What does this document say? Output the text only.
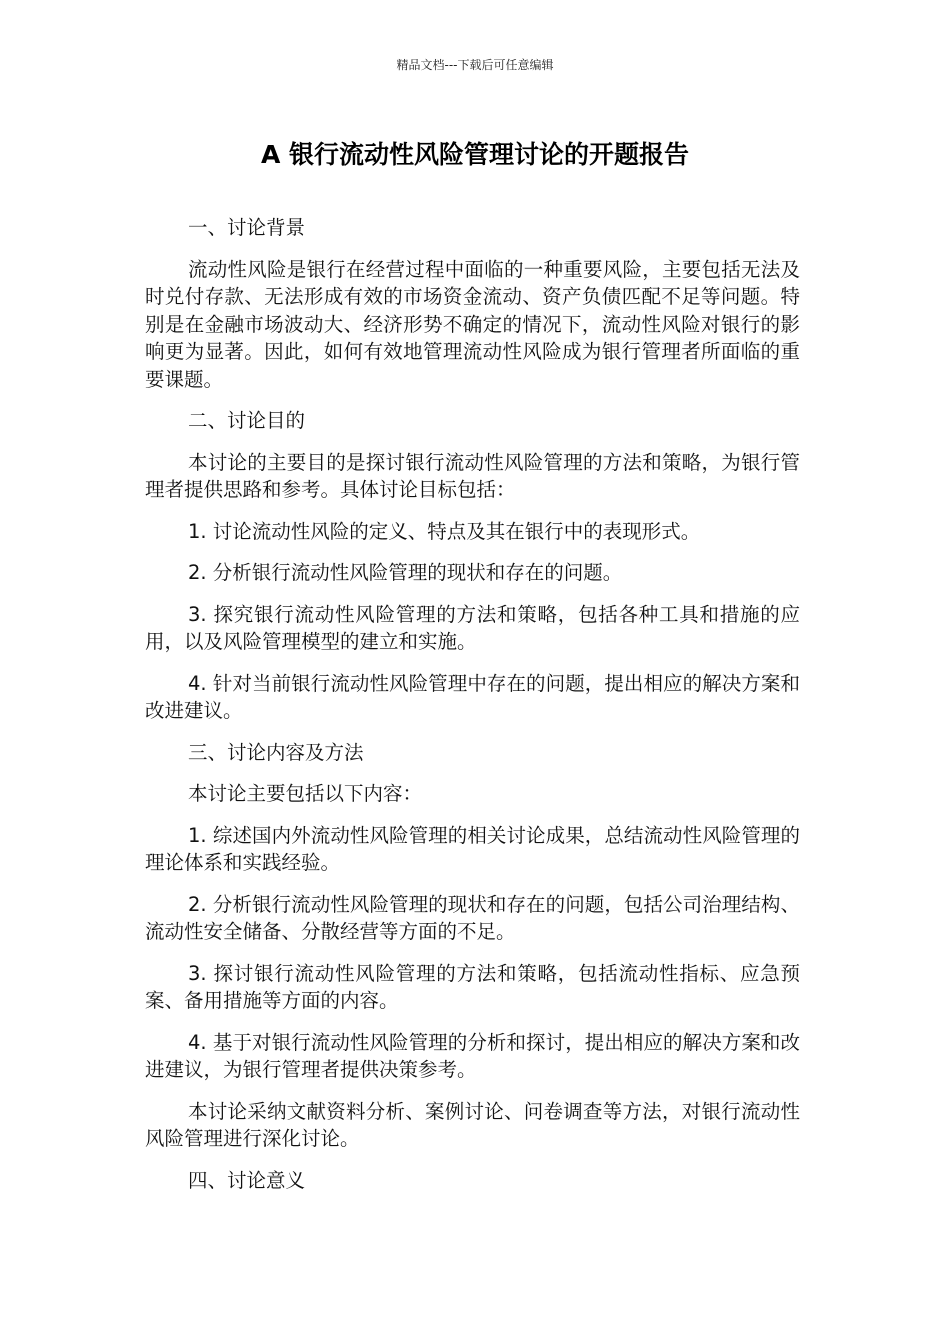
精品文档---下载后可任意编辑
A 银行流动性风险管理讨论的开题报告

一、讨论背景

流动性风险是银行在经营过程中面临的一种重要风险，主要包括无法及时兑付存款、无法形成有效的市场资金流动、资产负债匹配不足等问题。特别是在金融市场波动大、经济形势不确定的情况下，流动性风险对银行的影响更为显著。因此，如何有效地管理流动性风险成为银行管理者所面临的重要课题。

二、讨论目的

本讨论的主要目的是探讨银行流动性风险管理的方法和策略，为银行管理者提供思路和参考。具体讨论目标包括：

1. 讨论流动性风险的定义、特点及其在银行中的表现形式。

2. 分析银行流动性风险管理的现状和存在的问题。

3. 探究银行流动性风险管理的方法和策略，包括各种工具和措施的应用，以及风险管理模型的建立和实施。

4. 针对当前银行流动性风险管理中存在的问题，提出相应的解决方案和改进建议。

三、讨论内容及方法

本讨论主要包括以下内容：

1. 综述国内外流动性风险管理的相关讨论成果，总结流动性风险管理的理论体系和实践经验。

2. 分析银行流动性风险管理的现状和存在的问题，包括公司治理结构、流动性安全储备、分散经营等方面的不足。

3. 探讨银行流动性风险管理的方法和策略，包括流动性指标、应急预案、备用措施等方面的内容。

4. 基于对银行流动性风险管理的分析和探讨，提出相应的解决方案和改进建议，为银行管理者提供决策参考。

本讨论采纳文献资料分析、案例讨论、问卷调查等方法，对银行流动性风险管理进行深化讨论。

四、讨论意义
